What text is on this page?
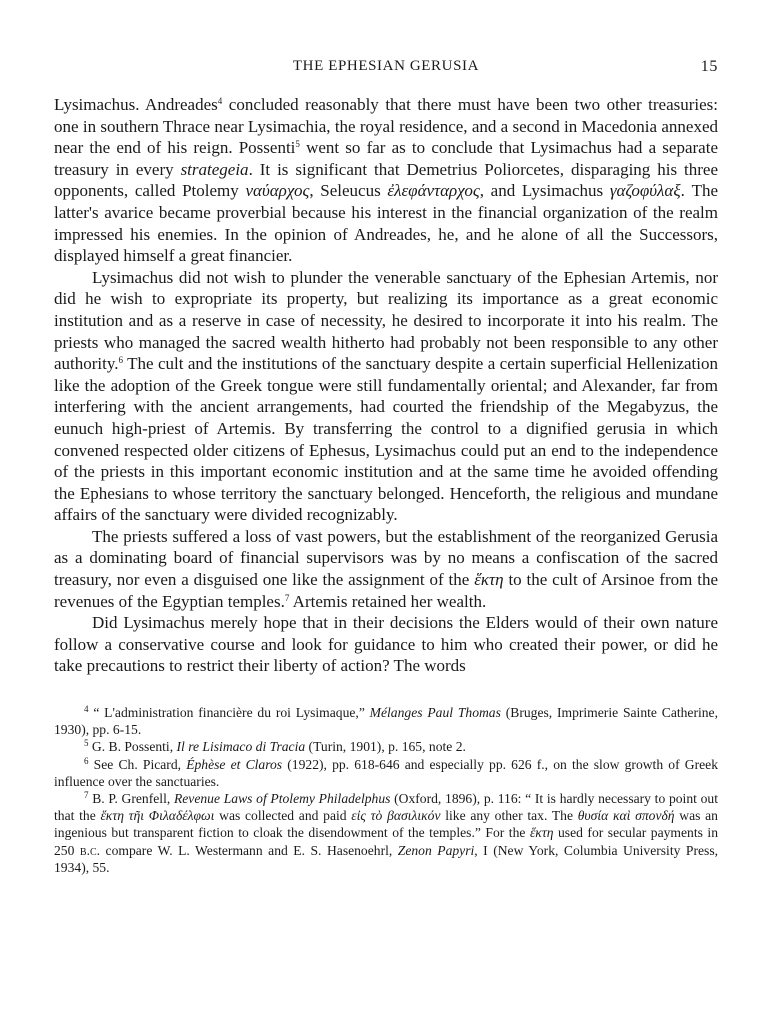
THE EPHESIAN GERUSIA	15

Lysimachus. Andreades$^4$ concluded reasonably that there must have been two other treasuries: one in southern Thrace near Lysimachia, the royal residence, and a second in Macedonia annexed near the end of his reign. Possenti$^5$ went so far as to conclude that Lysimachus had a separate treasury in every strategeia. It is significant that Demetrius Poliorcetes, disparaging his three opponents, called Ptolemy ναύαρχος, Seleucus ἐλεφάνταρχος, and Lysimachus γαζοφύλαξ. The latter's avarice became proverbial because his interest in the financial organization of the realm impressed his enemies. In the opinion of Andreades, he, and he alone of all the Successors, displayed himself a great financier.

Lysimachus did not wish to plunder the venerable sanctuary of the Ephesian Artemis, nor did he wish to expropriate its property, but realizing its importance as a great economic institution and as a reserve in case of necessity, he desired to incorporate it into his realm. The priests who managed the sacred wealth hitherto had probably not been responsible to any other authority.$^6$ The cult and the institutions of the sanctuary despite a certain superficial Hellenization like the adoption of the Greek tongue were still fundamentally oriental; and Alexander, far from interfering with the ancient arrangements, had courted the friendship of the Megabyzus, the eunuch high-priest of Artemis. By transferring the control to a dignified gerusia in which convened respected older citizens of Ephesus, Lysimachus could put an end to the independence of the priests in this important economic institution and at the same time he avoided offending the Ephesians to whose territory the sanctuary belonged. Henceforth, the religious and mundane affairs of the sanctuary were divided recognizably.

The priests suffered a loss of vast powers, but the establishment of the reorganized Gerusia as a dominating board of financial supervisors was by no means a confiscation of the sacred treasury, nor even a disguised one like the assignment of the ἕκτη to the cult of Arsinoe from the revenues of the Egyptian temples.$^7$ Artemis retained her wealth.

Did Lysimachus merely hope that in their decisions the Elders would of their own nature follow a conservative course and look for guidance to him who created their power, or did he take precautions to restrict their liberty of action? The words

$^4$ “ L'administration financière du roi Lysimaque,” Mélanges Paul Thomas (Bruges, Imprimerie Sainte Catherine, 1930), pp. 6-15.

$^5$ G. B. Possenti, Il re Lisimaco di Tracia (Turin, 1901), p. 165, note 2.

$^6$ See Ch. Picard, Éphèse et Claros (1922), pp. 618-646 and especially pp. 626 f., on the slow growth of Greek influence over the sanctuaries.

$^7$ B. P. Grenfell, Revenue Laws of Ptolemy Philadelphus (Oxford, 1896), p. 116: “ It is hardly necessary to point out that the ἕκτη τῆι Φιλαδέλφωι was collected and paid εἰς τὸ βασιλικόν like any other tax. The θυσία καὶ σπονδή was an ingenious but transparent fiction to cloak the disendowment of the temples.” For the ἕκτη used for secular payments in 250 b.c. compare W. L. Westermann and E. S. Hasenoehrl, Zenon Papyri, I (New York, Columbia University Press, 1934), 55.
